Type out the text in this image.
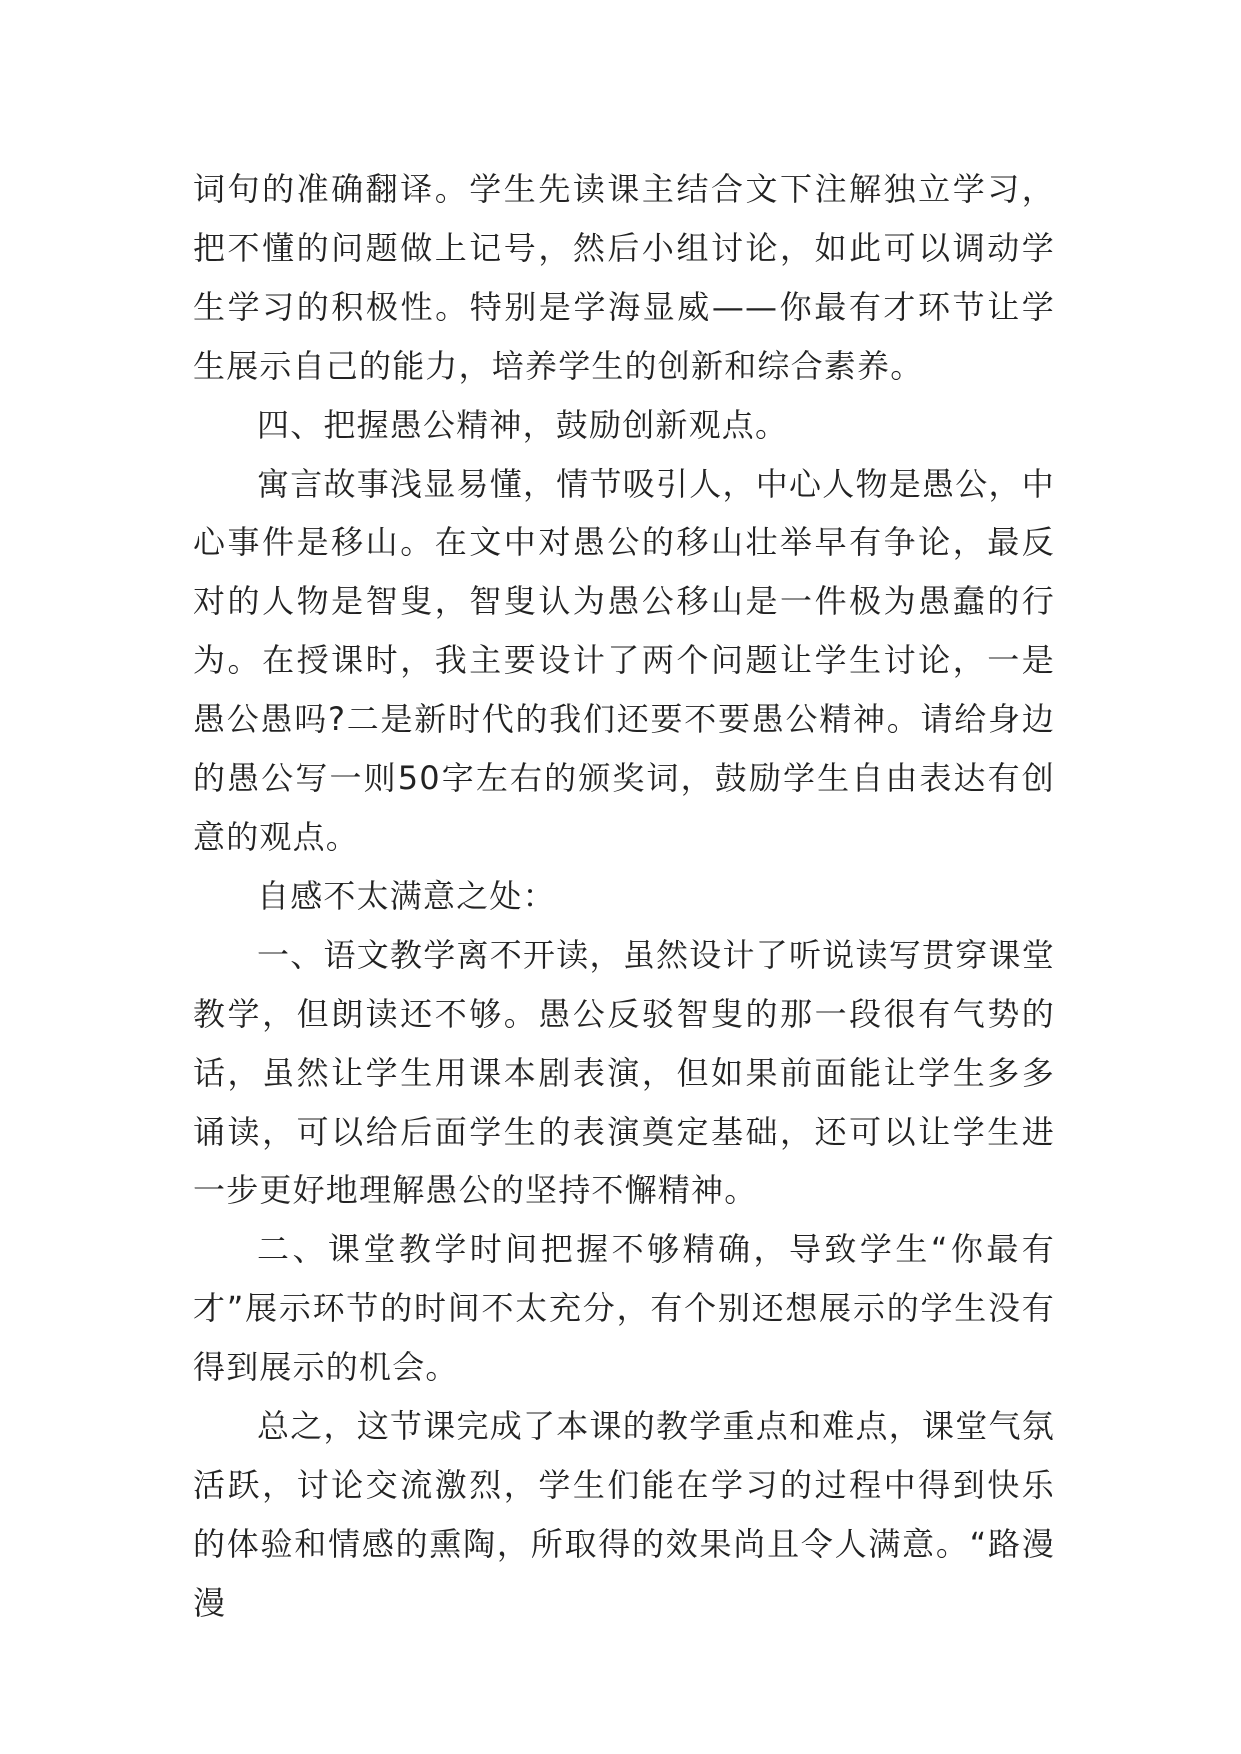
词句的准确翻译。学生先读课主结合文下注解独立学习，把不懂的问题做上记号，然后小组讨论，如此可以调动学生学习的积极性。特别是学海显威——你最有才环节让学生展示自己的能力，培养学生的创新和综合素养。

四、把握愚公精神，鼓励创新观点。

寓言故事浅显易懂，情节吸引人，中心人物是愚公，中心事件是移山。在文中对愚公的移山壮举早有争论，最反对的人物是智叟，智叟认为愚公移山是一件极为愚蠢的行为。在授课时，我主要设计了两个问题让学生讨论，一是愚公愚吗?二是新时代的我们还要不要愚公精神。请给身边的愚公写一则50字左右的颁奖词，鼓励学生自由表达有创意的观点。

自感不太满意之处：

一、语文教学离不开读，虽然设计了听说读写贯穿课堂教学，但朗读还不够。愚公反驳智叟的那一段很有气势的话，虽然让学生用课本剧表演，但如果前面能让学生多多诵读，可以给后面学生的表演奠定基础，还可以让学生进一步更好地理解愚公的坚持不懈精神。

二、课堂教学时间把握不够精确，导致学生“你最有才”展示环节的时间不太充分，有个别还想展示的学生没有得到展示的机会。

总之，这节课完成了本课的教学重点和难点，课堂气氛活跃，讨论交流激烈，学生们能在学习的过程中得到快乐的体验和情感的熏陶，所取得的效果尚且令人满意。“路漫漫
